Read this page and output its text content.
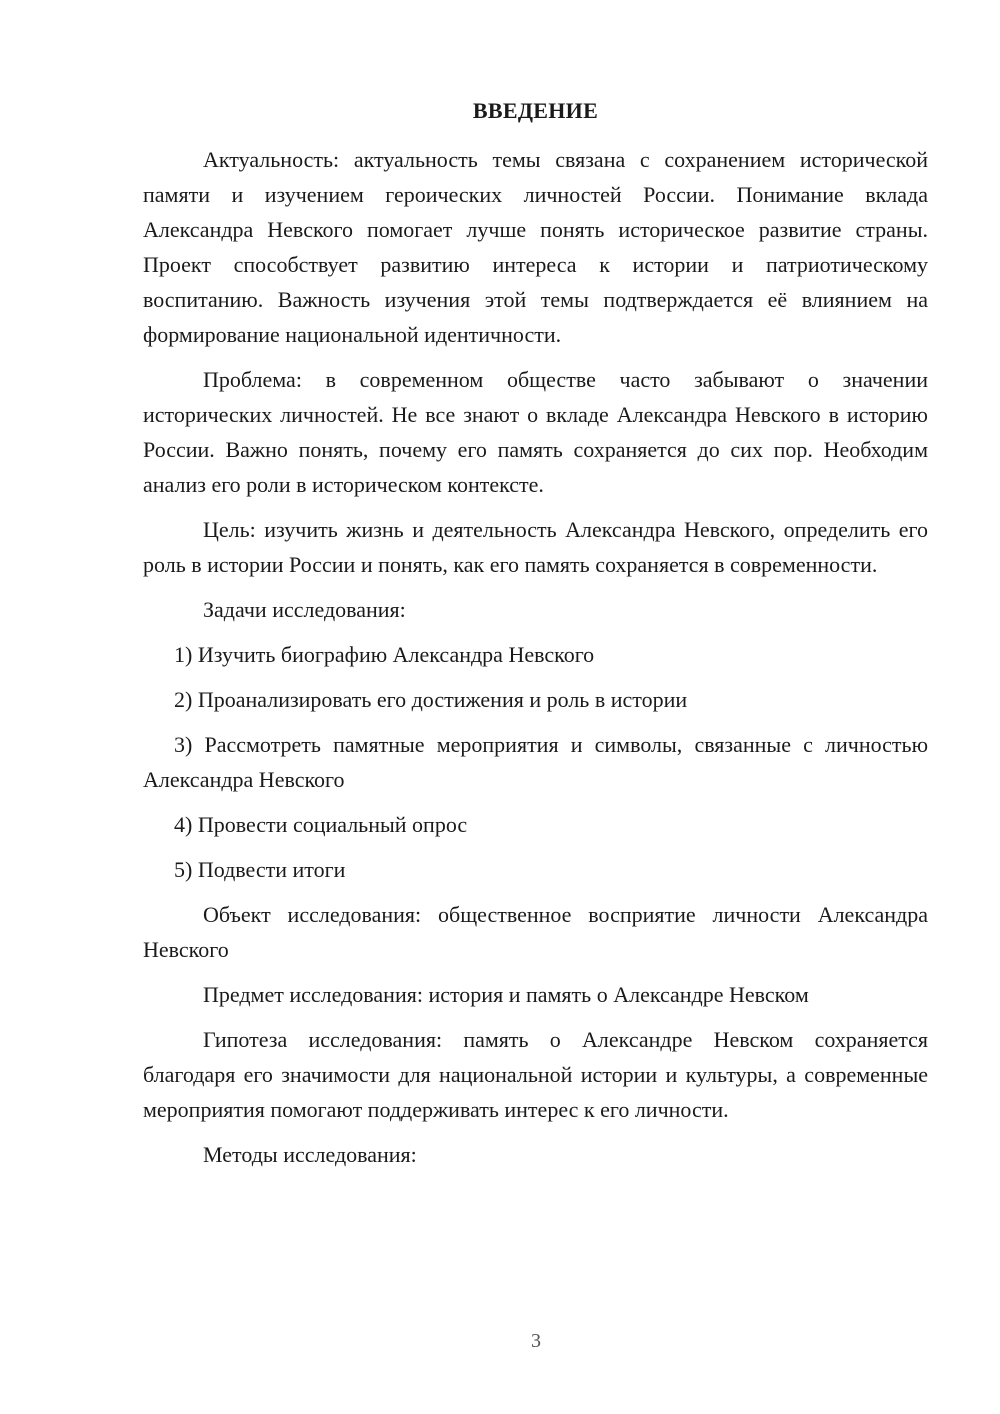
ВВЕДЕНИЕ

Актуальность: актуальность темы связана с сохранением исторической памяти и изучением героических личностей России. Понимание вклада Александра Невского помогает лучше понять историческое развитие страны. Проект способствует развитию интереса к истории и патриотическому воспитанию. Важность изучения этой темы подтверждается её влиянием на формирование национальной идентичности.

Проблема: в современном обществе часто забывают о значении исторических личностей. Не все знают о вкладе Александра Невского в историю России. Важно понять, почему его память сохраняется до сих пор. Необходим анализ его роли в историческом контексте.

Цель: изучить жизнь и деятельность Александра Невского, определить его роль в истории России и понять, как его память сохраняется в современности.

Задачи исследования:

1) Изучить биографию Александра Невского

2) Проанализировать его достижения и роль в истории

3) Рассмотреть памятные мероприятия и символы, связанные с личностью Александра Невского

4) Провести социальный опрос

5) Подвести итоги

Объект исследования: общественное восприятие личности Александра Невского

Предмет исследования: история и память о Александре Невском

Гипотеза исследования: память о Александре Невском сохраняется благодаря его значимости для национальной истории и культуры, а современные мероприятия помогают поддерживать интерес к его личности.

Методы исследования:

3
